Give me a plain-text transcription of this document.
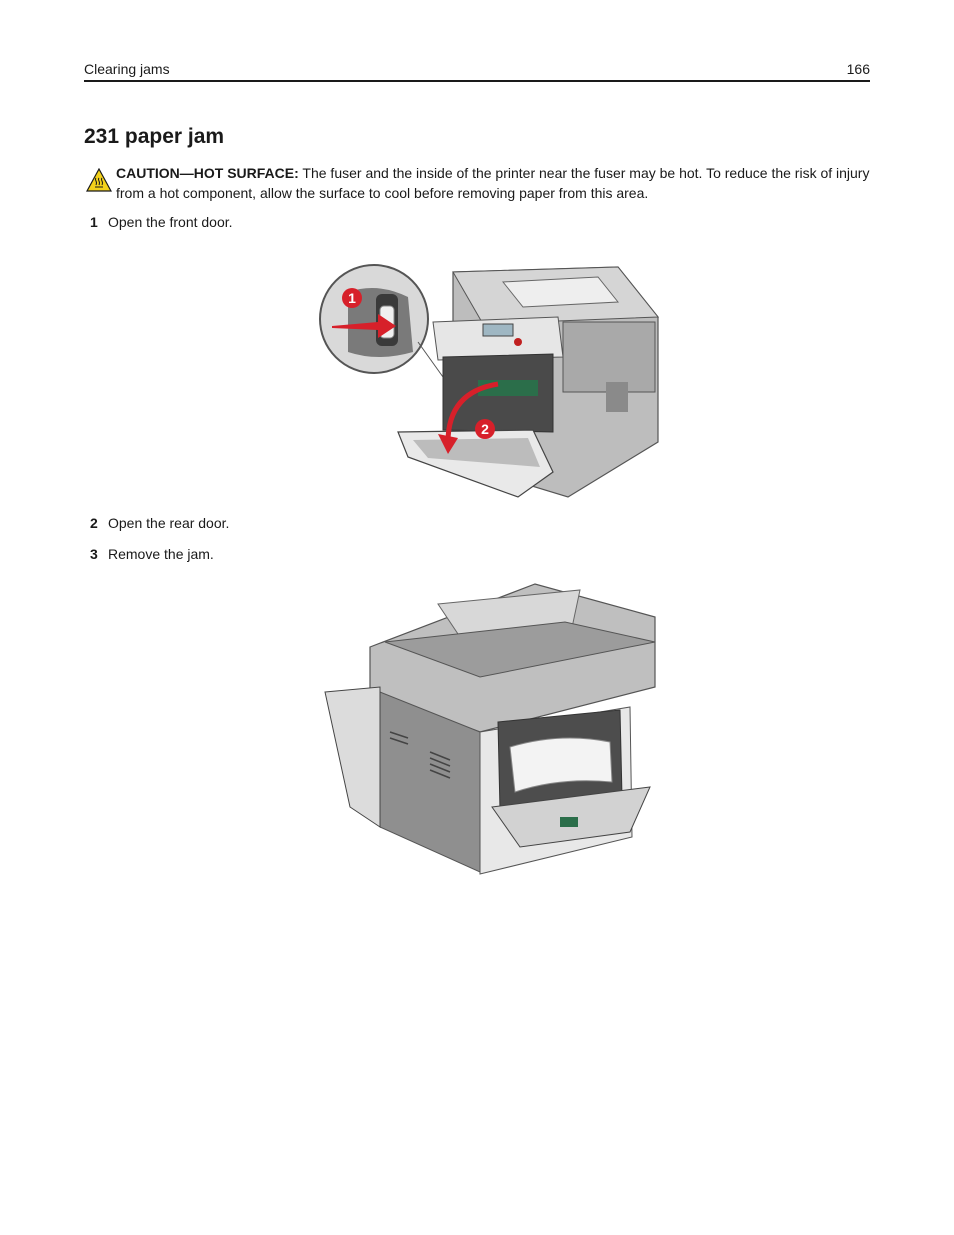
Clearing jams	166
231 paper jam

CAUTION—HOT SURFACE: The fuser and the inside of the printer near the fuser may be hot. To reduce the risk of injury from a hot component, allow the surface to cool before removing paper from this area.

1 Open the front door.
1
2
2 Open the rear door.
3 Remove the jam.
